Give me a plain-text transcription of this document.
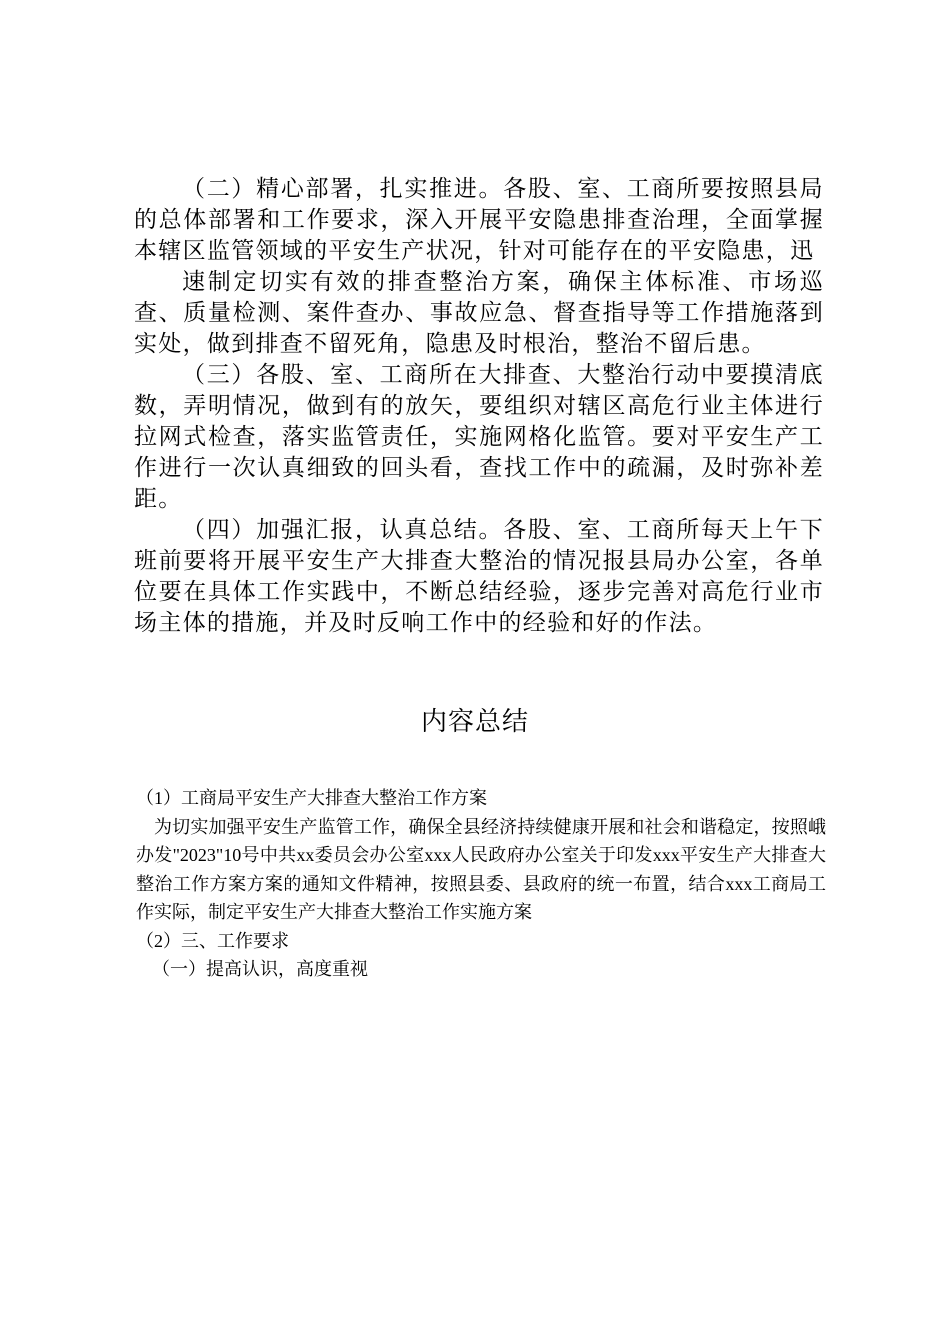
（二）精心部署，扎实推进。各股、室、工商所要按照县局的总体部署和工作要求，深入开展平安隐患排查治理，全面掌握本辖区监管领域的平安生产状况，针对可能存在的平安隐患，迅

速制定切实有效的排查整治方案，确保主体标准、市场巡查、质量检测、案件查办、事故应急、督查指导等工作措施落到实处，做到排查不留死角，隐患及时根治，整治不留后患。

（三）各股、室、工商所在大排查、大整治行动中要摸清底数，弄明情况，做到有的放矢，要组织对辖区高危行业主体进行拉网式检查，落实监管责任，实施网格化监管。要对平安生产工作进行一次认真细致的回头看，查找工作中的疏漏，及时弥补差距。

（四）加强汇报，认真总结。各股、室、工商所每天上午下班前要将开展平安生产大排查大整治的情况报县局办公室，各单位要在具体工作实践中，不断总结经验，逐步完善对高危行业市场主体的措施，并及时反响工作中的经验和好的作法。

内容总结

（1）工商局平安生产大排查大整治工作方案

为切实加强平安生产监管工作，确保全县经济持续健康开展和社会和谐稳定，按照峨办发"2023"10号中共xx委员会办公室xxx人民政府办公室关于印发xxx平安生产大排查大整治工作方案方案的通知文件精神，按照县委、县政府的统一布置，结合xxx工商局工作实际，制定平安生产大排查大整治工作实施方案

（2）三、工作要求

（一）提高认识，高度重视
